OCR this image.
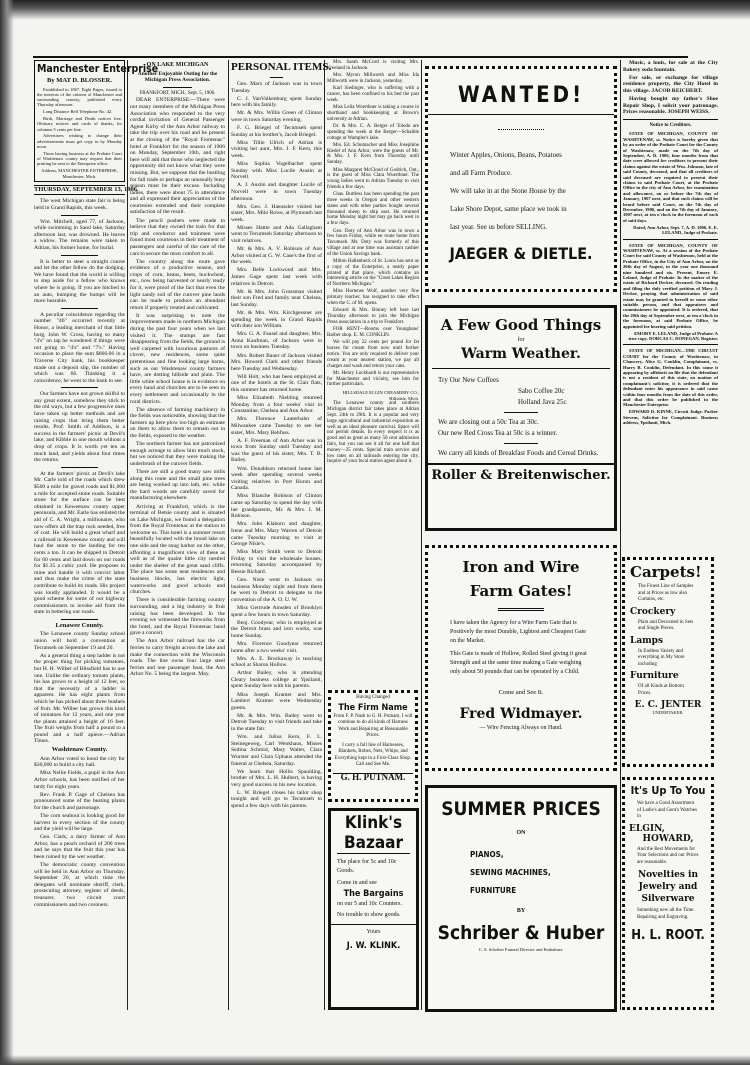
Manchester Enterprise
By MAT D. BLOSSER.

Established in 1867. Eight Pages, issued to the interests of the citizens of Manchester and surrounding country, published every Thursday afternoon.

Long Distance Bell Telephone No. 42.

Birth, Marriage and Death notices free. Obituary notices and cards of thanks, for columns 5 cents per line.

Advertisers wishing to change their advertisements must get copy in by Monday noon.

Those having business at the Probate Court of Washtenaw county may request that their printing be sent to the Enterprise office.

Address, MANCHESTER ENTERPRISE, Manchester, Mich.
THURSDAY, SEPTEMBER 13, 1906.

The west Michigan state fair is being held in Grand Rapids, this week.

Wm. Mitchell, aged 77, of Jackson, while swimming in Sand lake, Saturday afternoon last, was drowned. He leaves a widow. The remains were taken to Adrian, his former home, for burial.

It is better to steer a straight course and let the other fellow do the dodging. We have found that the world is willing to step aside for a fellow who knows where he is going. If you are hitched to an auto, bumping the bumps will be more bearable.

A peculiar coincidence regarding the number "46" occurred recently at Honor, a leading merchant of that little burg, John W. Cross, having so many "4's" on tap he wondered if things were not going to "4's" and "7's." Having occasion to place the sum $666.66 in a Traverse City bank, his bookkeeper made out a deposit slip, the number of which was 66. Thinking it a coincidence, he went to the bank to see.

Our farmers have not grown skilful to any great extent, somehow they stick to the old ways, but a few progressive ones have taken up better methods and are raising crops that bring them better results. Prof. Smith of Addison, is a success in the farmers' picnic at Devil's lake, and Kibble in one mouth without a drop of crops. It is worth yet ten as much land, and yields about four times the returns.

At the farmers' picnic at Devil's lake Mr. Carle told of the roads which drew $500 a mile for gravel roads and $1,000 a mile for accepted stone roads. Suitable stone for the surface can be best obtained in Keweenaw county upper peninsula, and Mr. Earle has enlisted the aid of C. A. Wright, a millionaire, who now offers all the trap rock needed, free of cost. He will build a great wharf and a railroad in Keweenaw county and will haul the stone to the landing for ten cents a ton. It can be shipped to Detroit for 60 cents and laid down on our roads for $1.35 a cubic yard. He proposes to mine and handle it with convict labor and thus make the crime of the state contribute to build its roads. His project was loudly applauded. It would be a good scheme for some of our highway commissioners to invoke aid from the state in bettering our roads.

Lenawee County.

The Lenawee county Sunday school union will hold a convention at Tecumseh on September 19 and 20.

As a general thing a step ladder is not the proper thing for picking tomatoes, but H. H. Wilber of Blissfield has to use one. Unlike the ordinary tomato plants, his has grown to a height of 12 feet, so that the necessity of a ladder is apparent. He has eight plants from which he has picked about three bushels of fruit. Mr. Wilber has grown this kind of tomatoes for 12 years, and one year the plants attained a height of 16 feet. The fruit weighs from half a pound to a pound and a half apiece.—Adrian Times.

Washtenaw County.

Ann Arbor voted to bond the city for $30,000 to build a city hall.

Miss Nellie Fields, a pupil in the Ann Arbor schools, has been notified of her tardy for eight years.

Rev. Frank P. Gage of Chelsea has pronounced some of the heating plants for the church and parsonage.

The corn seabout is looking good for harvest in every section of the county and the yield will be large.

Geo. Clark, a dairy farmer of Ann Arbor, has a peach orchard of 200 trees and he says that the fruit this year has been ruined by the wet weather.

The democratic county convention will be held in Ann Arbor on Thursday, September 20, at which time the delegates will nominate sheriff, clerk, prosecuting attorney, register of deeds, treasurer, two circuit court commissioners and two coroners.

ON LAKE MICHIGAN
Another Enjoyable Outing for the Michigan Press Association.
FRANKFORT, MICH., Sept. 5, 1906.

DEAR ENTERPRISE:—There were not many members of the Michigan Press Association who responded to the very cordial invitation of General Passenger Agent Kirby of the Ann Arbor railway to take the trip over his road and be present at the closing of the "Royal Frontenac" hotel at Frankfort for the season of 1906 on Monday, September 10th, and right here will add that those who neglected the opportunity did not know what they were missing. But, we suppose that the hustling for fall trade or perhaps an unusually busy season must be their excuse. Including ladies, there were about 75 in attendance and all expressed their appreciation of the courtesies extended and their complete satisfaction of the result.

The pencil pushers were made to believe that they owned the train for that trip and conductor and trainmen were found most courteous in their treatment of passengers and careful of the care of the cars to secure the most comfort to all.

The country along the route gave evidence of a productive season, and crops of corn, beans, beets, buckwheat, etc., now being harvested or nearly ready for it, were proof of the fact that even the light sandy soil of the cutover pine lands can be made to produce an abundant return if properly treated and cultivated.

It was surprising to note the improvements made in northern Michigan during the past four years when we last visited it. The stumps are fast disappearing from the fields, the ground is well carpeted with luxurious pastures of clover, new residences, some quite pretentious and fine looking large barns, such as our Washtenaw county farmers have, are dotting hillside and plain. The little white school house is in evidence on every hand and churches are to be seen in every settlement and occasionally in the rural districts.

The absence of farming machinery in the fields was noticeable, showing that the farmers up here plow too high an estimate on them to allow them to remain out in the fields, exposed to the weather.

The northern farmer has not patronized enough acreage to allow him much stock, but we noticed that they were making the underbrush of the cutover fields.

There are still a good many saw mills along this route and the small pine trees are being worked up into lath, etc. while the hard woods are carefully saved for manufacturing elsewhere.

Arriving at Frankfort, which is the terminal of Betsie county and is situated on Lake Michigan, we found a delegation from the Royal Frontenac at the station to welcome us. This hotel is a summer resort beautifully located with the broad lake on one side and the snug harbor on the other, affording a magnificent view of these as well as of the quaint little city nestled under the shelter of the great sand cliffs. The place has some neat residences and business blocks, has electric light, waterworks and good schools and churches.

There is considerable farming country surrounding, and a big industry in fruit raising has been developed. In the evening we witnessed the fireworks from the hotel, and the Royal Frontenac band gave a concert.

The Ann Arbor railroad has the car ferries to carry freight across the lake and make the connection with the Wisconsin roads. The line owns four large steel ferries and one passenger boat, the Ann Arbor No. 5 being the largest. May.

PERSONAL ITEMS.

Geo. Marx of Jackson was in town Tuesday.

C. J. VanValkenburg spent Sunday here with his family.

Mr. & Mrs. Willis Green of Clinton were in town Saturday evening.

F. G. Briegel of Tecumseh spent Sunday at his brother's, Jacob Briegel.

Miss Tillie Ulrich of Adrian is visiting her aunt, Mrs. J. F. Kern, this week.

Miss Sophia Vogelbacher spent Sunday with Miss Lucile Austin at Norvell.

A. J. Austin and daughter Lucile of Norvell were in town Tuesday afternoon.

Mrs. Geo. J. Haeussler visited her sister, Mrs. Milo Rowe, at Plymouth last week.

Misses Hattie and Ada Gallagham went to Tecumseh Saturday afternoon to visit relatives.

Mr. & Mrs. A. V. Robison of Ann Arbor visited at G. W. Case's the first of the week.

Mrs. Belle Lockwood and Mrs. James Gage spent last week with relatives in Detroit.

Mr. & Mrs. John Grossman visited their son Fred and family near Chelsea, last Sunday.

Mr. & Mrs. Wm. Kirchgessner are spending the week in Grand Rapids with their son William.

Mrs. G. A. Fausel and daughter, Mrs. Anna Kaufman, of Jackson were in town on business Tuesday.

Mrs. Robert Bauer of Jackson visited Mrs. Howard Clark and other friends here Tuesday and Wednesday.

Will Holt, who has been employed at one of the hotels at the St. Clair flats, this summer has returned home.

Miss Elizabeth Niebling returned Monday from a four weeks' visit in Constantine, Chelsea and Ann Arbor.

Mrs. Florence Lauterbahn of Milwaukee came Tuesday to see her sister, Mrs. Mary Rehfuss.

A. F. Freeman of Ann Arbor was in town from Sunday until Tuesday and was the guest of his sister, Mrs. T. B. Bailey.

Wm. Donaldson returned home last week after spending several weeks visiting relatives in Port Huron and Canada.

Miss Blanche Robison of Clinton came up Saturday to spend the day with her grandparents, Mr. & Mrs. I. M. Robison.

Mrs. John Klaborn and daughter, Irene and Mrs. Mary Warren of Detroit came Tuesday morning to visit at George Nisle's.

Miss Mary Smith went to Detroit Friday to visit the wholesale houses, returning Saturday accompanied by Bessie Richard.

Geo. Nisle went to Jackson on business Monday night and from there he went to Detroit to delegate to the convention of the A. O. U. W.

Miss Gertrude Amsden of Brooklyn spent a few hours in town Saturday.

Benj. Goodyear, who is employed at the Detroit brass and iron works, was home Sunday.

Mrs. Florence Goodyear returned home after a two weeks' visit.

Mrs. A. E. Brockaway is teaching school at Sharon Hollow.

Arthur Bailey, who is attending Cleary business college at Ypsilanti, spent Sunday here with his parents.

Miss Joseph Kramer and Mrs. Lambert Kramer were Wednesday guests.

Mr. & Mrs. Wm. Bailey went to Detroit Tuesday to visit friends and take in the state fair.

Wm. and Julius Kern, F. L. Steinegeweg, Carl Wenkhaus, Misses Sedina Schmid, Mary Walter, Clara Wurster and Clara Uphaus attended the funeral at Chelsea, Saturday.

We learn that Hollis Spaulding, brother of Mrs. L. H. Hulbert, is having very good success in his new location.

L. W. Briegel closes his tailor shop tonight and will go to Tecumseh to spend a few days with his parents.

Mrs. Sarah McCord is visiting Mrs. Vreeland in Jackson.

Mrs. Myron Millworth and Miss Ida Millworth were in Jackson, yesterday.

Karl Siedinger, who is suffering with a cancer, has been confined to his bed the past week.

Miss Lelia Woerthner is taking a course in shorthand and bookkeeping at Brown's university at Adrian.

Dr. & Mrs. C. A. Berger of Toledo are spending the week at the Berger—Schaible cottage at Wampler's lake.

Mrs. Ed. Schumacher and Miss Josephine Riedel of Ann Arbor, were the guests of Mr. & Mrs. J. F. Kern from Thursday until Sunday.

Miss Margaret McCloud of Godrich, Ont., is the guest of Miss Clara Wuerthner. The young ladies went to Adrian Tuesday to visit friends a few days.

Chas. Burtless has been spending the past three weeks in Oregon and other western states and with other parties bought several thousand sheep to ship east. He returned home Monday night but may go back west in a few days.

Geo. Doty of Ann Arbor was in town a few hours Friday, while en route home from Tecumseh. Mr. Doty was formerly of this village and at one time was assistant cashier of the Union Savings bank.

Milton Hallenbeck of St. Louis has sent us a copy of the Enterprise, a neatly paper printed at that place, which contains an interesting article on the "Great Lakes Region of Northern Michigan."

Miss Hortense Wolf, another very fine primary teacher, has resigned to take effect when the C. of M. opens.

Edward & Mrs. Binney left here last Thursday afternoon to join the Michigan Press association in a trip to Frankfort.

FOR RENT—Rooms over Younghans' Barber shop. E. M. CONKLIN.

We will pay 22 cents per pound for fat horses for cream from now until further notice. You are only required to deliver your cream at your nearest station, we pay all charges and wash and return your cans.

Mr. Henry Lockhardt is our representative for Manchester and vicinity, see him for further particulars.

HILLSDALE ELGIN CREAMERY CO., Hillsdale, Mich.

The Lenawee county and southern Michigan district fair takes place at Adrian Sept. 24th to 29th. It is a popular and very large agricultural and industrial exposition as well as an ideal pleasure carnival. Space will not permit details. In every respect it is as good and as great as many 50 cent admission fairs, but you can see it all for one half that money—25 cents. Special train service and low rates on all railroads entering the city. Inquire of your local station agent about it.

Having Changed
The Firm Name
From F. P. Nash to G. H. Putnam, I will continue to do all kinds of Harness Work and Repairing at Reasonable Prices.
I carry a full line of Harnesses, Blankets, Robes, Nets, Whips, and Everything kept in a First-Class Shop. Call and See Me.
G. H. PUTNAM.
Klink's
Bazaar
The place for 5c and 10c Goods.
Come in and see
The Bargains
on our 5 and 10c Counters.
No trouble to show goods.
Yours
J. W. KLINK.
WANTED!
Winter Apples, Onions, Beans, Potatoes
and all Farm Produce.
We will take in at the Stone House by the
Lake Shore Depot, same place we took in
last year. See us before SELLING.
JAEGER & DIETLE.
A Few Good Things
for
Warm Weather.
Try Our New Coffees
Sabo Coffee 20c
Holland Java 25c
We are closing out a 50c Tea at 30c.
Our new Red Cross Tea at 50c is a winner.
We carry all kinds of Breakfast Foods and Cereal Drinks.
Roller & Breitenwischer.
Iron and Wire
Farm Gates!
I have taken the Agency for a Wire Farm Gate that is Positively the most Durable, Lightest and Cheapest Gate on the Market.
This Gate is made of Hollow, Rolled Steel giving it great Strength and at the same time making a Gate weighing only about 50 pounds that can be operated by a Child.
Come and See It.
Fred Widmayer.
— Wire Fencing Always on Hand.
SUMMER PRICES
ON
PIANOS,
SEWING MACHINES,
FURNITURE
BY
Schriber & Huber
C. S. Schriber Funeral Director and Embalmer.

Music, a louis, for sale at the City Bakery soda fountain.

For sale, or exchange for village residence property, the City Hotel in this village. JACOB REICHERT.

Having bought my father's Shoe Repair Shop, I solicit your patronage. Prices reasonable. JOSEPH WEISS.

Notice to Creditors.

STATE OF MICHIGAN, COUNTY OF WASHTENAW, ss. Notice is hereby given that by an order of the Probate Court for the County of Washtenaw, made on the 7th day of September, A. D. 1906, four months from that date were allowed for creditors to present their claims against the estate of Wm. Johnson, late of said County, deceased, and that all creditors of said deceased are required to present their claims to said Probate Court, at the Probate Office in the city of Ann Arbor, for examination and allowance, on or before the 7th day of January, 1907 next, and that such claims will be heard before said Court, on the 7th day of December, 1906, and on the 7th day of January, 1907 next, at ten o'clock in the forenoon of each of said days.

Dated, Ann Arbor, Sept. 7, A. D. 1906. E. E. LELAND, Judge of Probate.

STATE OF MICHIGAN, COUNTY OF WASHTENAW, ss. At a session of the Probate Court for said County of Washtenaw, held at the Probate Office, in the City of Ann Arbor, on the 20th day of August, in the year one thousand nine hundred and six. Present, Emory E. Leland, Judge of Probate. In the matter of the estate of Richard Decker, deceased. On reading and filing the duly verified petition of Mary J. Decker, praying that administration of said estate may be granted to herself or some other suitable person, and that appraisers and commissioners be appointed. It is ordered, that the 20th day of September next, at ten o'clock in the forenoon, at said Probate Office, be appointed for hearing said petition.

EMORY E. LELAND, Judge of Probate. A true copy. DORCAS C. DONEGAN, Register.

STATE OF MICHIGAN—THE CIRCUIT COURT for the County of Washtenaw, in Chancery. Alice G. Conklin, Complainant, vs. Harry B. Conklin, Defendant. In this cause it appearing by affidavit on file that the defendant is not a resident of this state, on motion of complainant's solicitor, it is ordered that the defendant enter his appearance in said cause within four months from the date of this order, and that this order be published in the Manchester Enterprise.

EDWARD D. KINNE, Circuit Judge. Parker Stevens, Solicitor for Complainant. Business address, Ypsilanti, Mich.

Carpets!
The Finest Line of Samples and at Prices as low also Curtains, etc.
Crockery
Plain and Decorated in Sets and Single Pieces.
Lamps
In Endless Variety and everything in My Store including
Furniture
Of all Kinds at Bottom Prices.
E. C. JENTER
UNDERTAKER.
It's Up To You
We have a Good Assortment of Ladie's and Gent's Watches in
ELGIN,
HOWARD,
And the Best Movements for Your Selections and our Prices are reasonable.
Novelties in Jewelry and Silverware
Something new all the Time. Repairing and Engraving.
H. L. ROOT.
